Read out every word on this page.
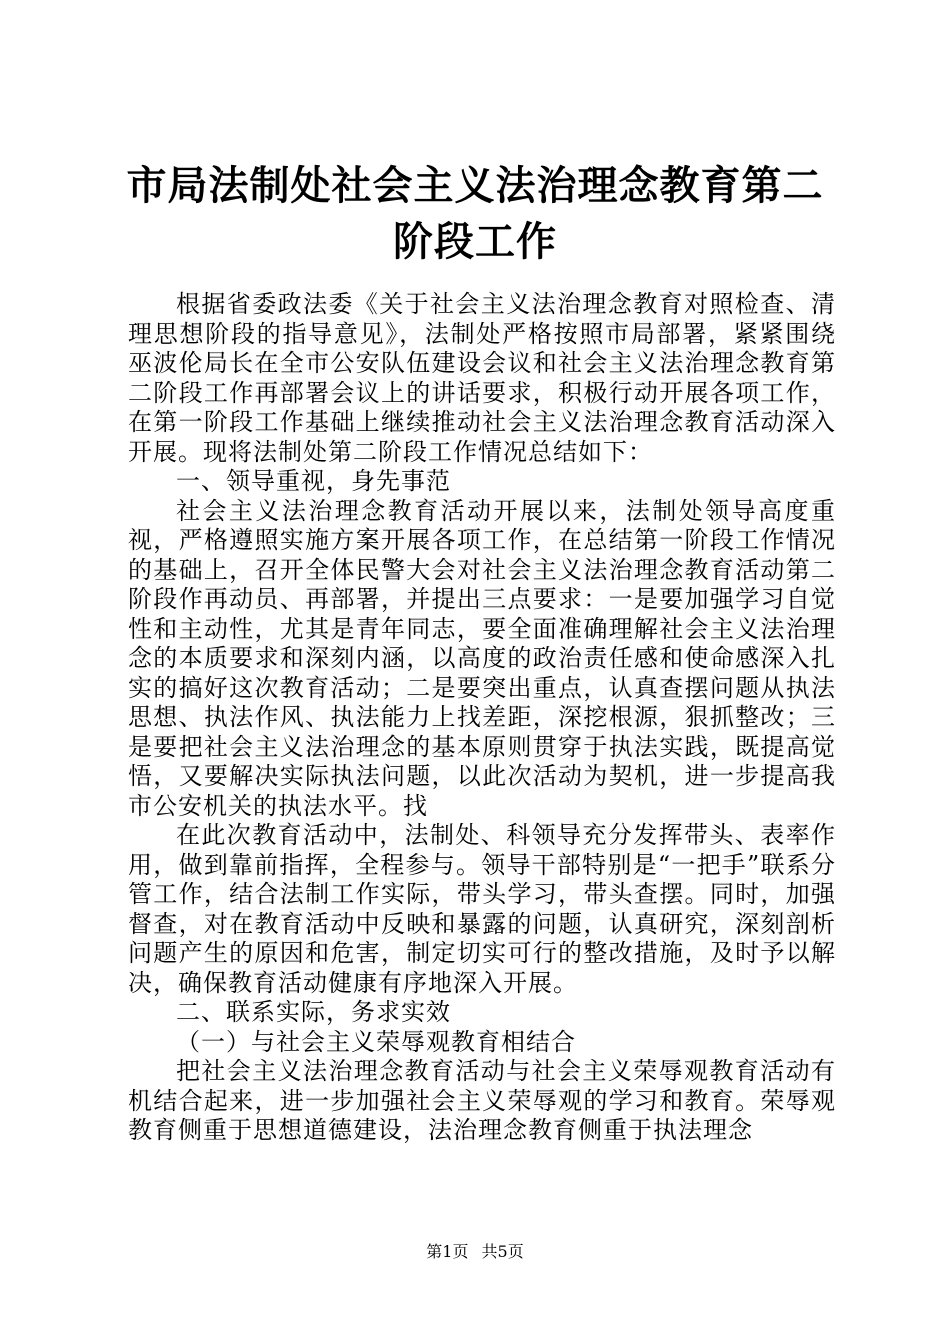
市局法制处社会主义法治理念教育第二阶段工作

根据省委政法委《关于社会主义法治理念教育对照检查、清理思想阶段的指导意见》，法制处严格按照市局部署，紧紧围绕巫波伦局长在全市公安队伍建设会议和社会主义法治理念教育第二阶段工作再部署会议上的讲话要求，积极行动开展各项工作，在第一阶段工作基础上继续推动社会主义法治理念教育活动深入开展。现将法制处第二阶段工作情况总结如下：

一、领导重视，身先事范

社会主义法治理念教育活动开展以来，法制处领导高度重视，严格遵照实施方案开展各项工作，在总结第一阶段工作情况的基础上，召开全体民警大会对社会主义法治理念教育活动第二阶段作再动员、再部署，并提出三点要求：一是要加强学习自觉性和主动性，尤其是青年同志，要全面准确理解社会主义法治理念的本质要求和深刻内涵，以高度的政治责任感和使命感深入扎实的搞好这次教育活动；二是要突出重点，认真查摆问题从执法思想、执法作风、执法能力上找差距，深挖根源，狠抓整改；三是要把社会主义法治理念的基本原则贯穿于执法实践，既提高觉悟，又要解决实际执法问题，以此次活动为契机，进一步提高我市公安机关的执法水平。找

在此次教育活动中，法制处、科领导充分发挥带头、表率作用，做到靠前指挥，全程参与。领导干部特别是“一把手”联系分管工作，结合法制工作实际，带头学习，带头查摆。同时，加强督查，对在教育活动中反映和暴露的问题，认真研究，深刻剖析问题产生的原因和危害，制定切实可行的整改措施，及时予以解决，确保教育活动健康有序地深入开展。

二、联系实际，务求实效

（一）与社会主义荣辱观教育相结合

把社会主义法治理念教育活动与社会主义荣辱观教育活动有机结合起来，进一步加强社会主义荣辱观的学习和教育。荣辱观教育侧重于思想道德建设，法治理念教育侧重于执法理念

第1页 共5页
